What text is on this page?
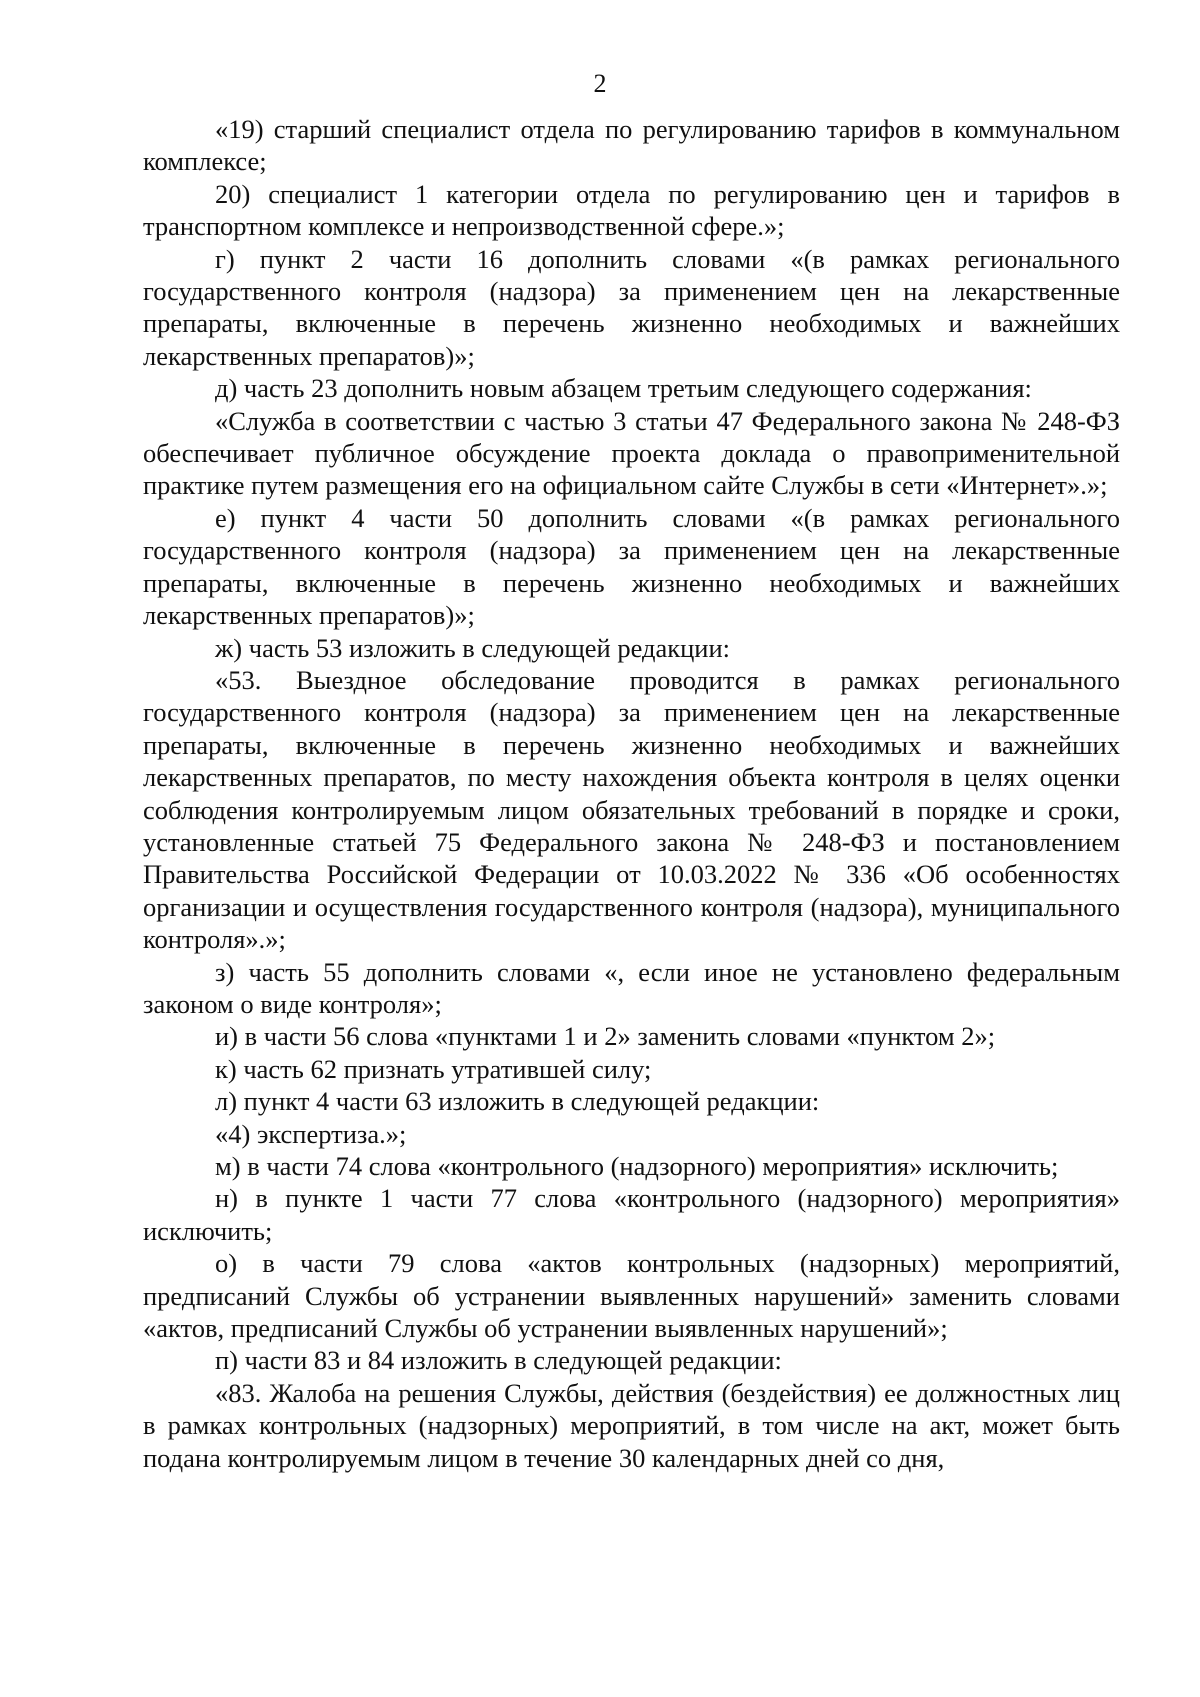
2

«19) старший специалист отдела по регулированию тарифов в коммунальном комплексе;

20) специалист 1 категории отдела по регулированию цен и тарифов в транспортном комплексе и непроизводственной сфере.»;

г) пункт 2 части 16 дополнить словами «(в рамках регионального государственного контроля (надзора) за применением цен на лекарственные препараты, включенные в перечень жизненно необходимых и важнейших лекарственных препаратов)»;

д) часть 23 дополнить новым абзацем третьим следующего содержания:

«Служба в соответствии с частью 3 статьи 47 Федерального закона № 248-ФЗ обеспечивает публичное обсуждение проекта доклада о правоприменительной практике путем размещения его на официальном сайте Службы в сети «Интернет».»;

е) пункт 4 части 50 дополнить словами «(в рамках регионального государственного контроля (надзора) за применением цен на лекарственные препараты, включенные в перечень жизненно необходимых и важнейших лекарственных препаратов)»;

ж) часть 53 изложить в следующей редакции:

«53. Выездное обследование проводится в рамках регионального государственного контроля (надзора) за применением цен на лекарственные препараты, включенные в перечень жизненно необходимых и важнейших лекарственных препаратов, по месту нахождения объекта контроля в целях оценки соблюдения контролируемым лицом обязательных требований в порядке и сроки, установленные статьей 75 Федерального закона № 248-ФЗ и постановлением Правительства Российской Федерации от 10.03.2022 № 336 «Об особенностях организации и осуществления государственного контроля (надзора), муниципального контроля».»;

з) часть 55 дополнить словами «, если иное не установлено федеральным законом о виде контроля»;

и) в части 56 слова «пунктами 1 и 2» заменить словами «пунктом 2»;

к) часть 62 признать утратившей силу;

л) пункт 4 части 63 изложить в следующей редакции:

«4) экспертиза.»;

м) в части 74 слова «контрольного (надзорного) мероприятия» исключить;

н) в пункте 1 части 77 слова «контрольного (надзорного) мероприятия» исключить;

о) в части 79 слова «актов контрольных (надзорных) мероприятий, предписаний Службы об устранении выявленных нарушений» заменить словами «актов, предписаний Службы об устранении выявленных нарушений»;

п) части 83 и 84 изложить в следующей редакции:

«83. Жалоба на решения Службы, действия (бездействия) ее должностных лиц в рамках контрольных (надзорных) мероприятий, в том числе на акт, может быть подана контролируемым лицом в течение 30 календарных дней со дня,
